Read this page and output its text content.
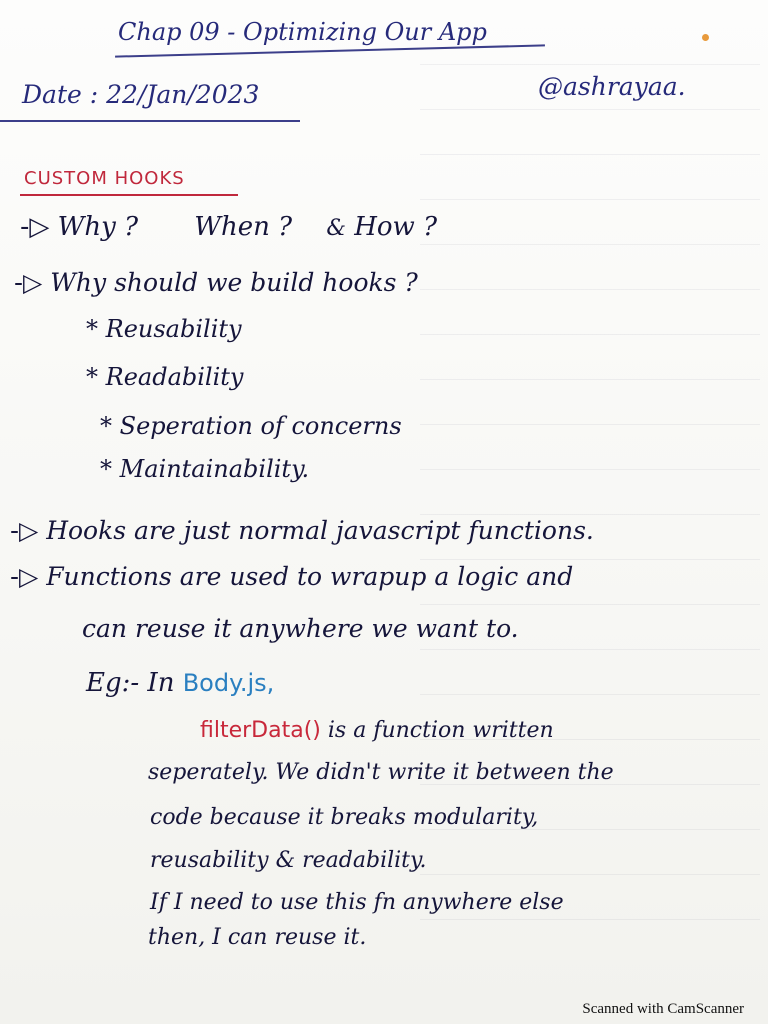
Chap 09 - Optimizing Our App
Date : 22/Jan/2023	@ashrayaa.
CUSTOM HOOKS
-▷ Why ? When ? & How ?
-▷ Why should we build hooks ?
* Reusability
* Readability
* Seperation of concerns
* Maintainability.
-▷ Hooks are just normal javascript functions.
-▷ Functions are used to wrapup a logic and
can reuse it anywhere we want to.
Eg:- In Body.js,
filterData() is a function written
seperately. We didn't write it between the
code because it breaks modularity,
reusability & readability.
If I need to use this fn anywhere else
then, I can reuse it.
Scanned with CamScanner
